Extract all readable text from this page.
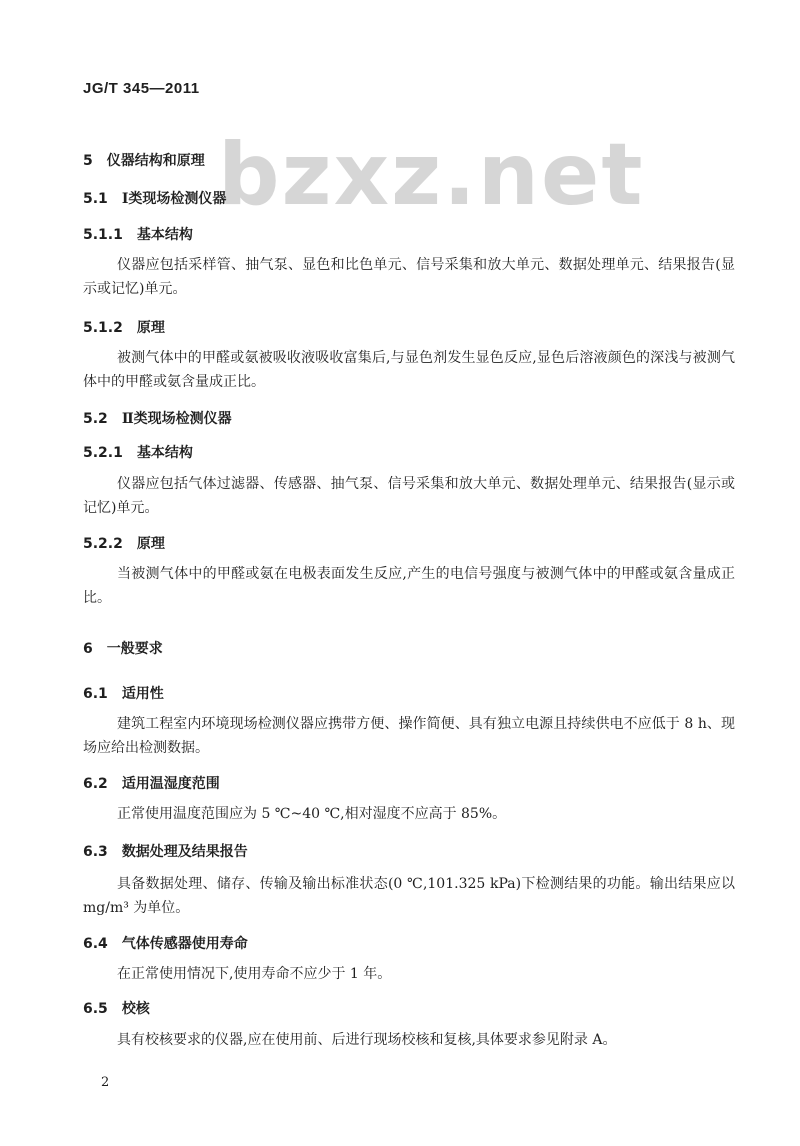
JG/T 345—2011
bzxz.net
5 仪器结构和原理
5.1 Ⅰ类现场检测仪器
5.1.1 基本结构
仪器应包括采样管、抽气泵、显色和比色单元、信号采集和放大单元、数据处理单元、结果报告(显示或记忆)单元。
5.1.2 原理
被测气体中的甲醛或氨被吸收液吸收富集后,与显色剂发生显色反应,显色后溶液颜色的深浅与被测气体中的甲醛或氨含量成正比。
5.2 Ⅱ类现场检测仪器
5.2.1 基本结构
仪器应包括气体过滤器、传感器、抽气泵、信号采集和放大单元、数据处理单元、结果报告(显示或记忆)单元。
5.2.2 原理
当被测气体中的甲醛或氨在电极表面发生反应,产生的电信号强度与被测气体中的甲醛或氨含量成正比。
6 一般要求
6.1 适用性
建筑工程室内环境现场检测仪器应携带方便、操作简便、具有独立电源且持续供电不应低于 8 h、现场应给出检测数据。
6.2 适用温湿度范围
正常使用温度范围应为 5 ℃~40 ℃,相对湿度不应高于 85%。
6.3 数据处理及结果报告
具备数据处理、储存、传输及输出标准状态(0 ℃,101.325 kPa)下检测结果的功能。输出结果应以 mg/m³ 为单位。
6.4 气体传感器使用寿命
在正常使用情况下,使用寿命不应少于 1 年。
6.5 校核
具有校核要求的仪器,应在使用前、后进行现场校核和复核,具体要求参见附录 A。
2
